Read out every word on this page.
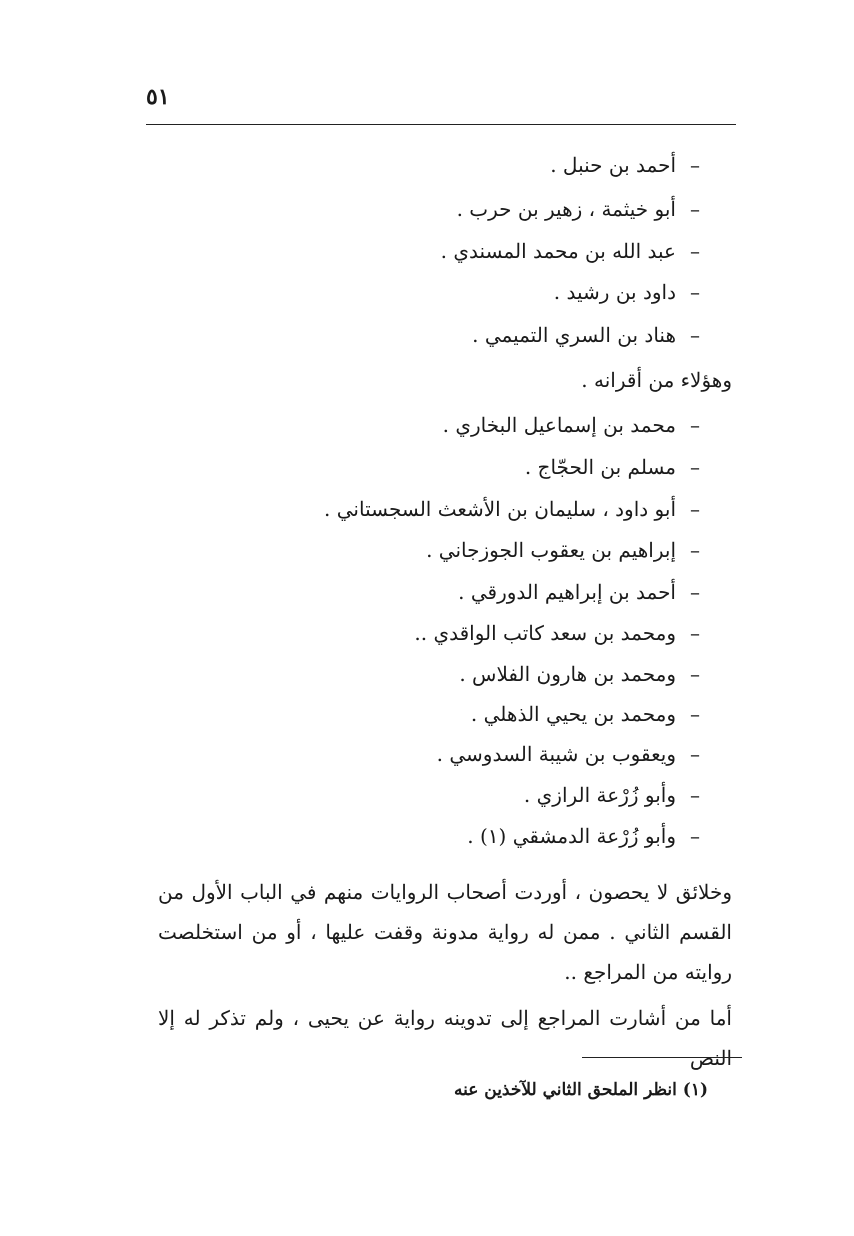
٥١
–أحمد بن حنبل .
–أبو خيثمة ، زهير بن حرب .
–عبد الله بن محمد المسندي .
–داود بن رشيد .
–هناد بن السري التميمي .
وهؤلاء من أقرانه .
–محمد بن إسماعيل البخاري .
–مسلم بن الحجّاج .
–أبو داود ، سليمان بن الأشعث السجستاني .
–إبراهيم بن يعقوب الجوزجاني .
–أحمد بن إبراهيم الدورقي .
–ومحمد بن سعد كاتب الواقدي ..
–ومحمد بن هارون الفلاس .
–ومحمد بن يحيي الذهلي .
–ويعقوب بن شيبة السدوسي .
–وأبو زُرْعة الرازي .
–وأبو زُرْعة الدمشقي (١) .
وخلائق لا يحصون ، أوردت أصحاب الروايات منهم في الباب الأول من القسم الثاني . ممن له رواية مدونة وقفت عليها ، أو من استخلصت روايته من المراجع ..
أما من أشارت المراجع إلى تدوينه رواية عن يحيى ، ولم تذكر له إلا النص
(١) انظر الملحق الثاني للآخذين عنه
